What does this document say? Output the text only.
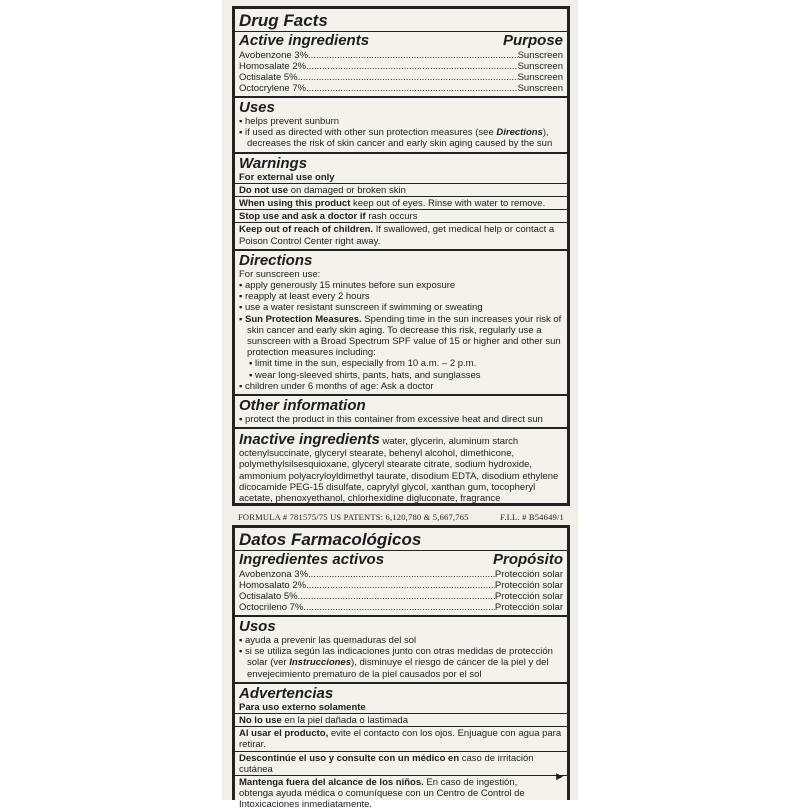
Drug Facts
Active ingredients	Purpose
Avobenzone 3% .....	Sunscreen
Homosalate 2% .....	Sunscreen
Octisalate 5% .....	Sunscreen
Octocrylene 7% .....	Sunscreen
Uses
▪ helps prevent sunburn
▪ if used as directed with other sun protection measures (see Directions), decreases the risk of skin cancer and early skin aging caused by the sun
Warnings
For external use only
Do not use on damaged or broken skin
When using this product keep out of eyes. Rinse with water to remove.
Stop use and ask a doctor if rash occurs
Keep out of reach of children. If swallowed, get medical help or contact a Poison Control Center right away.
Directions
For sunscreen use:
▪ apply generously 15 minutes before sun exposure
▪ reapply at least every 2 hours
▪ use a water resistant sunscreen if swimming or sweating
▪ Sun Protection Measures. Spending time in the sun increases your risk of skin cancer and early skin aging. To decrease this risk, regularly use a sunscreen with a Broad Spectrum SPF value of 15 or higher and other sun protection measures including:
▪ limit time in the sun, especially from 10 a.m. – 2 p.m.
▪ wear long-sleeved shirts, pants, hats, and sunglasses
▪ children under 6 months of age: Ask a doctor
Other information
▪ protect the product in this container from excessive heat and direct sun
Inactive ingredients water, glycerin, aluminum starch octenylsuccinate, glyceryl stearate, behenyl alcohol, dimethicone, polymethylsilsesquioxane, glyceryl stearate citrate, sodium hydroxide, ammonium polyacryloyldimethyl taurate, disodium EDTA, disodium ethylene dicocamide PEG-15 disulfate, caprylyl glycol, xanthan gum, tocopheryl acetate, phenoxyethanol, chlorhexidine digluconate, fragrance
FORMULA # 781575/75 US PATENTS: 6,120,780 & 5,667,765	F.I.L. # B54649/1
Datos Farmacológicos
Ingredientes activos	Propósito
Avobenzona 3% .....	Protección solar
Homosalato 2% .....	Protección solar
Octisalato 5% .....	Protección solar
Octocrileno 7% .....	Protección solar
Usos
▪ ayuda a prevenir las quemaduras del sol
▪ si se utiliza según las indicaciones junto con otras medidas de protección solar (ver Instrucciones), disminuye el riesgo de cáncer de la piel y del envejecimiento prematuro de la piel causados por el sol
Advertencias
Para uso externo solamente
No lo use en la piel dañada o lastimada
Al usar el producto, evite el contacto con los ojos. Enjuague con agua para retirar.
Descontinúe el uso y consulte con un médico en caso de irritación cutánea
Mantenga fuera del alcance de los niños. En caso de ingestión, obtenga ayuda médica o comuníquese con un Centro de Control de Intoxicaciones inmediatamente.
▶
